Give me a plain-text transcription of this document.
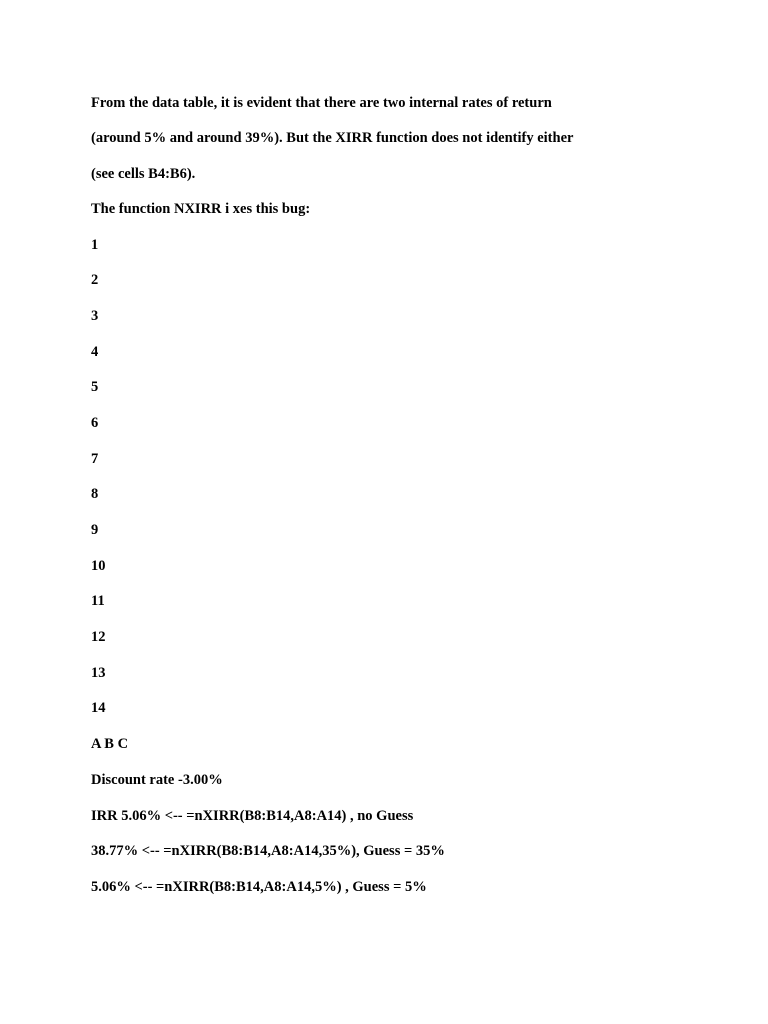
From the data table, it is evident that there are two internal rates of return

(around 5% and around 39%). But the XIRR function does not identify either

(see cells B4:B6).

The function NXIRR i xes this bug:

1

2

3

4

5

6

7

8

9

10

11

12

13

14

A B C

Discount rate -3.00%

IRR 5.06% <-- =nXIRR(B8:B14,A8:A14) , no Guess

38.77% <-- =nXIRR(B8:B14,A8:A14,35%), Guess = 35%

5.06% <-- =nXIRR(B8:B14,A8:A14,5%) , Guess = 5%
